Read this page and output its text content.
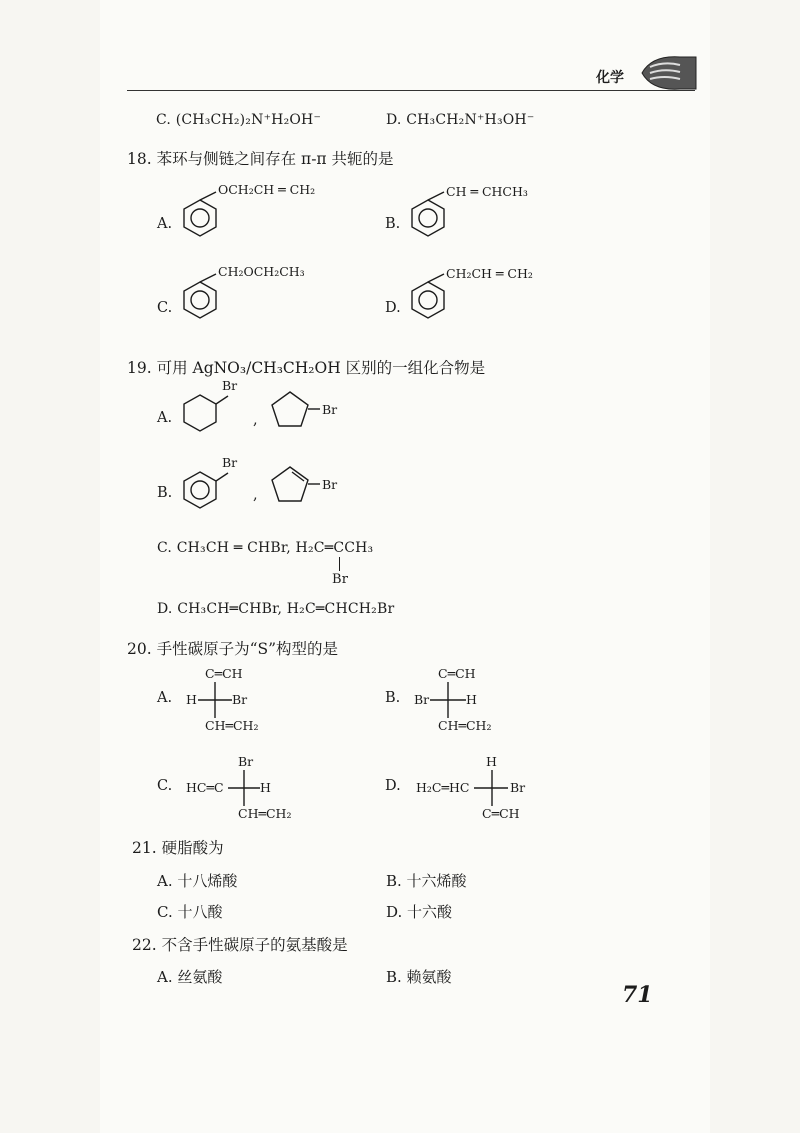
化学
C. (CH₃CH₂)₂N⁺H₂OH⁻	D. CH₃CH₂N⁺H₃OH⁻
18. 苯环与侧链之间存在 π-π 共轭的是
A.
OCH₂CH ═ CH₂
B.
CH ═ CHCH₃
C.
CH₂OCH₂CH₃
D.
CH₂CH ═ CH₂
19. 可用 AgNO₃/CH₃CH₂OH 区别的一组化合物是
A.
Br
,
Br
B.
Br
,
Br
C. CH₃CH ═ CHBr, H₂C═CCH₃
Br
D. CH₃CH═CHBr, H₂C═CHCH₂Br
20. 手性碳原子为“S”构型的是
A.
C═CH
H	Br
CH═CH₂
B.
C═CH
Br	H
CH═CH₂
C.
Br
HC═C	H
CH═CH₂
D.
H
H₂C═HC	Br
C═CH
21. 硬脂酸为
A. 十八烯酸	B. 十六烯酸
C. 十八酸	D. 十六酸
22. 不含手性碳原子的氨基酸是
A. 丝氨酸	B. 赖氨酸
71
